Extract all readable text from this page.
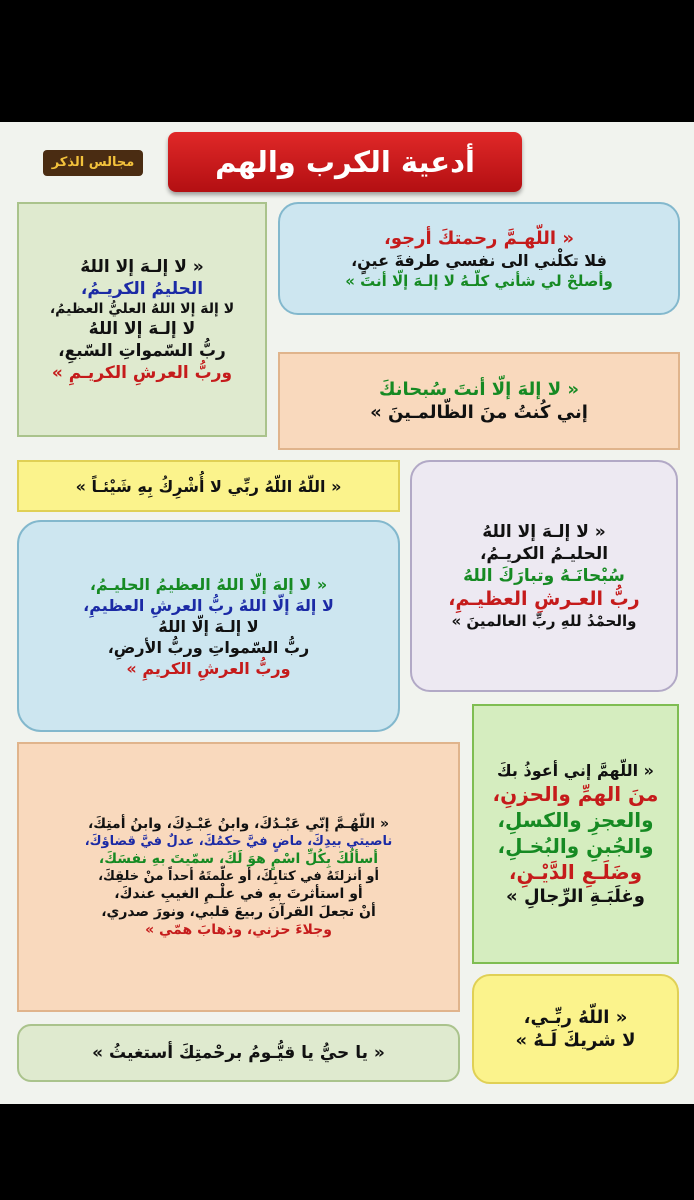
أدعية الكرب والهم
مجالس الذكر
« لا إلـهَ إلا اللهُ
الحليمُ الكريـمُ،
لا إلهَ إلا اللهُ العليُّ العظيمُ،
لا إلـهَ إلا اللهُ
ربُّ السّمواتِ السّبعِ،
وربُّ العرشِ الكريـمِ »
« اللّهـمَّ رحمتكَ أرجو،
فلا تكلْني الى نفسي طرفةَ عينٍ،
وأصلحْ لي شأني كلّـهُ لا إلـهَ إلّا أنتَ »
« لا إلهَ إلّا أنتَ سُبحانكَ
إني كُنتُ منَ الظّالمـينَ »
« اللّهُ اللّهُ ربِّي لا أُشْرِكُ بِهِ شَيْئـاً »
« لا إلـهَ إلا اللهُ
الحليـمُ الكريـمُ،
سُبْحانَـهُ وتبارَكَ اللهُ
ربُّ العـرشِ العظيـمِ،
والحمْدُ للهِ ربِّ العالمينَ »
« لا إلهَ إلّا اللهُ العظيمُ الحليـمُ،
لا إلهَ إلّا اللهُ ربُّ العرشِ العظيمِ،
لا إلـهَ إلّا اللهُ
ربُّ السّمواتِ وربُّ الأرضِ،
وربُّ العرشِ الكريمِ »
« اللّهمَّ إني أعوذُ بكَ
منَ الهمِّ والحزنِ،
والعجزِ والكسلِ،
والجُبنِ والبُخـلِ،
وضَلَـعِ الدَّيْـنِ،
وغلَبَـةِ الرِّجالِ »
« اللّهُـمَّ إنّي عَبْـدُكَ، وابنُ عَبْـدِكَ، وابنُ أمتِكَ،
ناصيتي بيدِكَ، ماضٍ فيَّ حكمُكَ، عدلٌ فيَّ قضاؤكَ،
أسألُكَ بِكُلِّ اسْمٍ هوَ لَكَ، سمّيتَ بهِ نفسَكَ،
أو أنزلتَهُ في كتابِكَ، أو علّمتَهُ أحداً منْ خلقِكَ،
أو استأثرتَ بهِ في علْـمِ الغيبِ عندكَ،
أنْ تجعلَ القرآنَ ربيعَ قلبي، ونورَ صدري،
وجلاءَ حزني، وذهابَ همّي »
« اللّهُ ربِّـي،
لا شريكَ لَـهُ »
« يا حيُّ يا قيُّـومُ برحْمتِكَ أستغيثُ »
